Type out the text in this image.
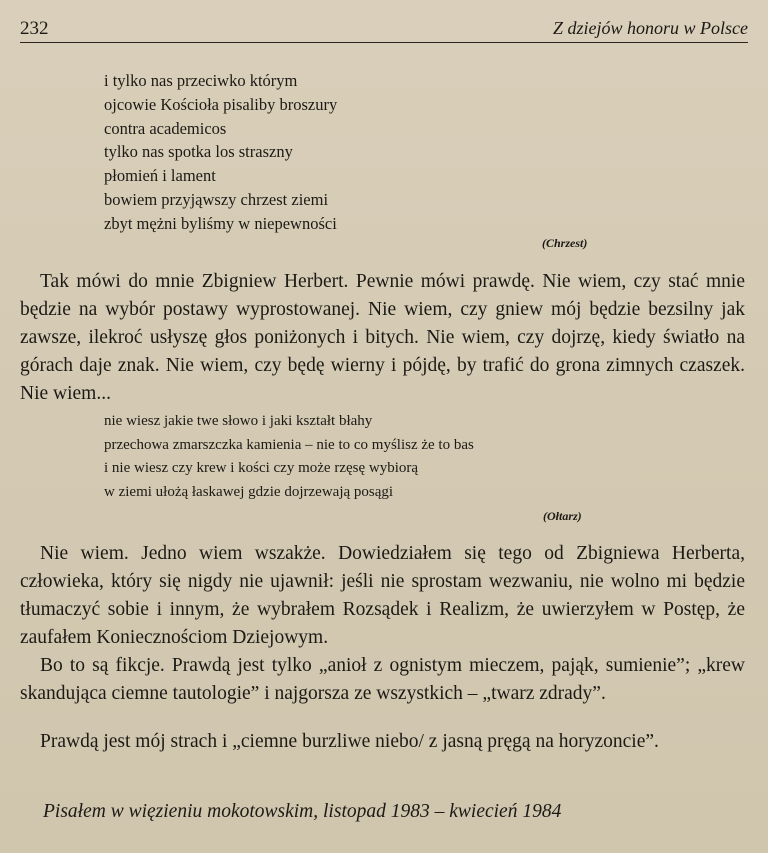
232	Z dziejów honoru w Polsce
i tylko nas przeciwko którym
ojcowie Kościoła pisaliby broszury
contra academicos
tylko nas spotka los straszny
płomień i lament
bowiem przyjąwszy chrzest ziemi
zbyt mężni byliśmy w niepewności
(Chrzest)

Tak mówi do mnie Zbigniew Herbert. Pewnie mówi prawdę. Nie wiem, czy stać mnie będzie na wybór postawy wyprostowanej. Nie wiem, czy gniew mój będzie bezsilny jak zawsze, ilekroć usłyszę głos poniżonych i bitych. Nie wiem, czy dojrzę, kiedy światło na górach daje znak. Nie wiem, czy będę wierny i pójdę, by trafić do grona zimnych czaszek. Nie wiem...

nie wiesz jakie twe słowo i jaki kształt błahy
przechowa zmarszczka kamienia – nie to co myślisz że to bas
i nie wiesz czy krew i kości czy może rzęsę wybiorą
w ziemi ułożą łaskawej gdzie dojrzewają posągi
(Ołtarz)

Nie wiem. Jedno wiem wszakże. Dowiedziałem się tego od Zbigniewa Herberta, człowieka, który się nigdy nie ujawnił: jeśli nie sprostam wezwaniu, nie wolno mi będzie tłumaczyć sobie i innym, że wybrałem Rozsądek i Realizm, że uwierzyłem w Postęp, że zaufałem Koniecznościom Dziejowym.

Bo to są fikcje. Prawdą jest tylko „anioł z ognistym mieczem, pająk, sumienie”; „krew skandująca ciemne tautologie” i najgorsza ze wszystkich – „twarz zdrady”.

Prawdą jest mój strach i „ciemne burzliwe niebo/ z jasną pręgą na horyzoncie”.

Pisałem w więzieniu mokotowskim, listopad 1983 – kwiecień 1984
